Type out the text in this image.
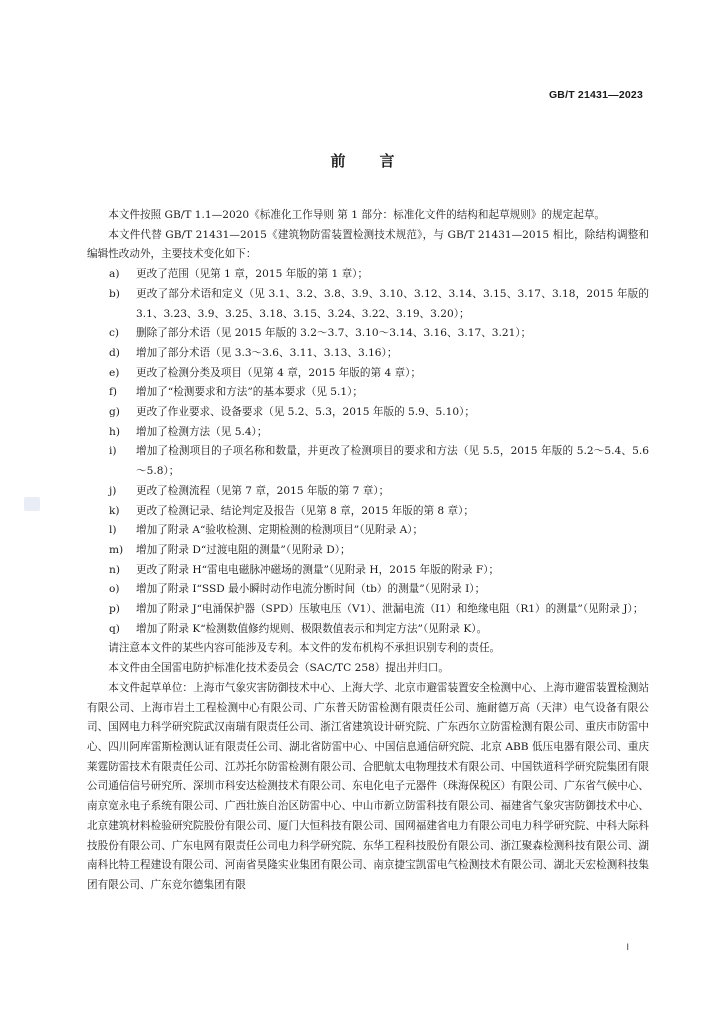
GB/T 21431—2023
前言

本文件按照 GB/T 1.1—2020《标准化工作导则 第 1 部分：标准化文件的结构和起草规则》的规定起草。

本文件代替 GB/T 21431—2015《建筑物防雷装置检测技术规范》，与 GB/T 21431—2015 相比，除结构调整和编辑性改动外，主要技术变化如下：

a)	更改了范围（见第 1 章，2015 年版的第 1 章）；
b)	更改了部分术语和定义（见 3.1、3.2、3.8、3.9、3.10、3.12、3.14、3.15、3.17、3.18，2015 年版的 3.1、3.23、3.9、3.25、3.18、3.15、3.24、3.22、3.19、3.20）；
c)	删除了部分术语（见 2015 年版的 3.2～3.7、3.10～3.14、3.16、3.17、3.21）；
d)	增加了部分术语（见 3.3～3.6、3.11、3.13、3.16）；
e)	更改了检测分类及项目（见第 4 章，2015 年版的第 4 章）；
f)	增加了“检测要求和方法”的基本要求（见 5.1）；
g)	更改了作业要求、设备要求（见 5.2、5.3，2015 年版的 5.9、5.10）；
h)	增加了检测方法（见 5.4）；
i)	增加了检测项目的子项名称和数量，并更改了检测项目的要求和方法（见 5.5，2015 年版的 5.2～5.4、5.6～5.8）；
j)	更改了检测流程（见第 7 章，2015 年版的第 7 章）；
k)	更改了检测记录、结论判定及报告（见第 8 章，2015 年版的第 8 章）；
l)	增加了附录 A“验收检测、定期检测的检测项目”（见附录 A）；
m)	增加了附录 D“过渡电阻的测量”（见附录 D）；
n)	更改了附录 H“雷电电磁脉冲磁场的测量”（见附录 H，2015 年版的附录 F）；
o)	增加了附录 I“SSD 最小瞬时动作电流分断时间（tb）的测量”（见附录 I）；
p)	增加了附录 J“电涌保护器（SPD）压敏电压（V1）、泄漏电流（I1）和绝缘电阻（R1）的测量”（见附录 J）；
q)	增加了附录 K“检测数值修约规则、极限数值表示和判定方法”（见附录 K）。

请注意本文件的某些内容可能涉及专利。本文件的发布机构不承担识别专利的责任。

本文件由全国雷电防护标准化技术委员会（SAC/TC 258）提出并归口。

本文件起草单位：上海市气象灾害防御技术中心、上海大学、北京市避雷装置安全检测中心、上海市避雷装置检测站有限公司、上海市岩土工程检测中心有限公司、广东普天防雷检测有限责任公司、施耐德万高（天津）电气设备有限公司、国网电力科学研究院武汉南瑞有限责任公司、浙江省建筑设计研究院、广东西尔立防雷检测有限公司、重庆市防雷中心、四川阿库雷斯检测认证有限责任公司、湖北省防雷中心、中国信息通信研究院、北京 ABB 低压电器有限公司、重庆莱霆防雷技术有限责任公司、江苏托尔防雷检测有限公司、合肥航太电物理技术有限公司、中国铁道科学研究院集团有限公司通信信号研究所、深圳市科安达检测技术有限公司、东电化电子元器件（珠海保税区）有限公司、广东省气候中心、南京宽永电子系统有限公司、广西壮族自治区防雷中心、中山市新立防雷科技有限公司、福建省气象灾害防御技术中心、北京建筑材料检验研究院股份有限公司、厦门大恒科技有限公司、国网福建省电力有限公司电力科学研究院、中科大际科技股份有限公司、广东电网有限责任公司电力科学研究院、东华工程科技股份有限公司、浙江聚森检测科技有限公司、湖南科比特工程建设有限公司、河南省昊隆实业集团有限公司、南京捷宝凯雷电气检测技术有限公司、湖北天宏检测科技集团有限公司、广东竞尔德集团有限

I
